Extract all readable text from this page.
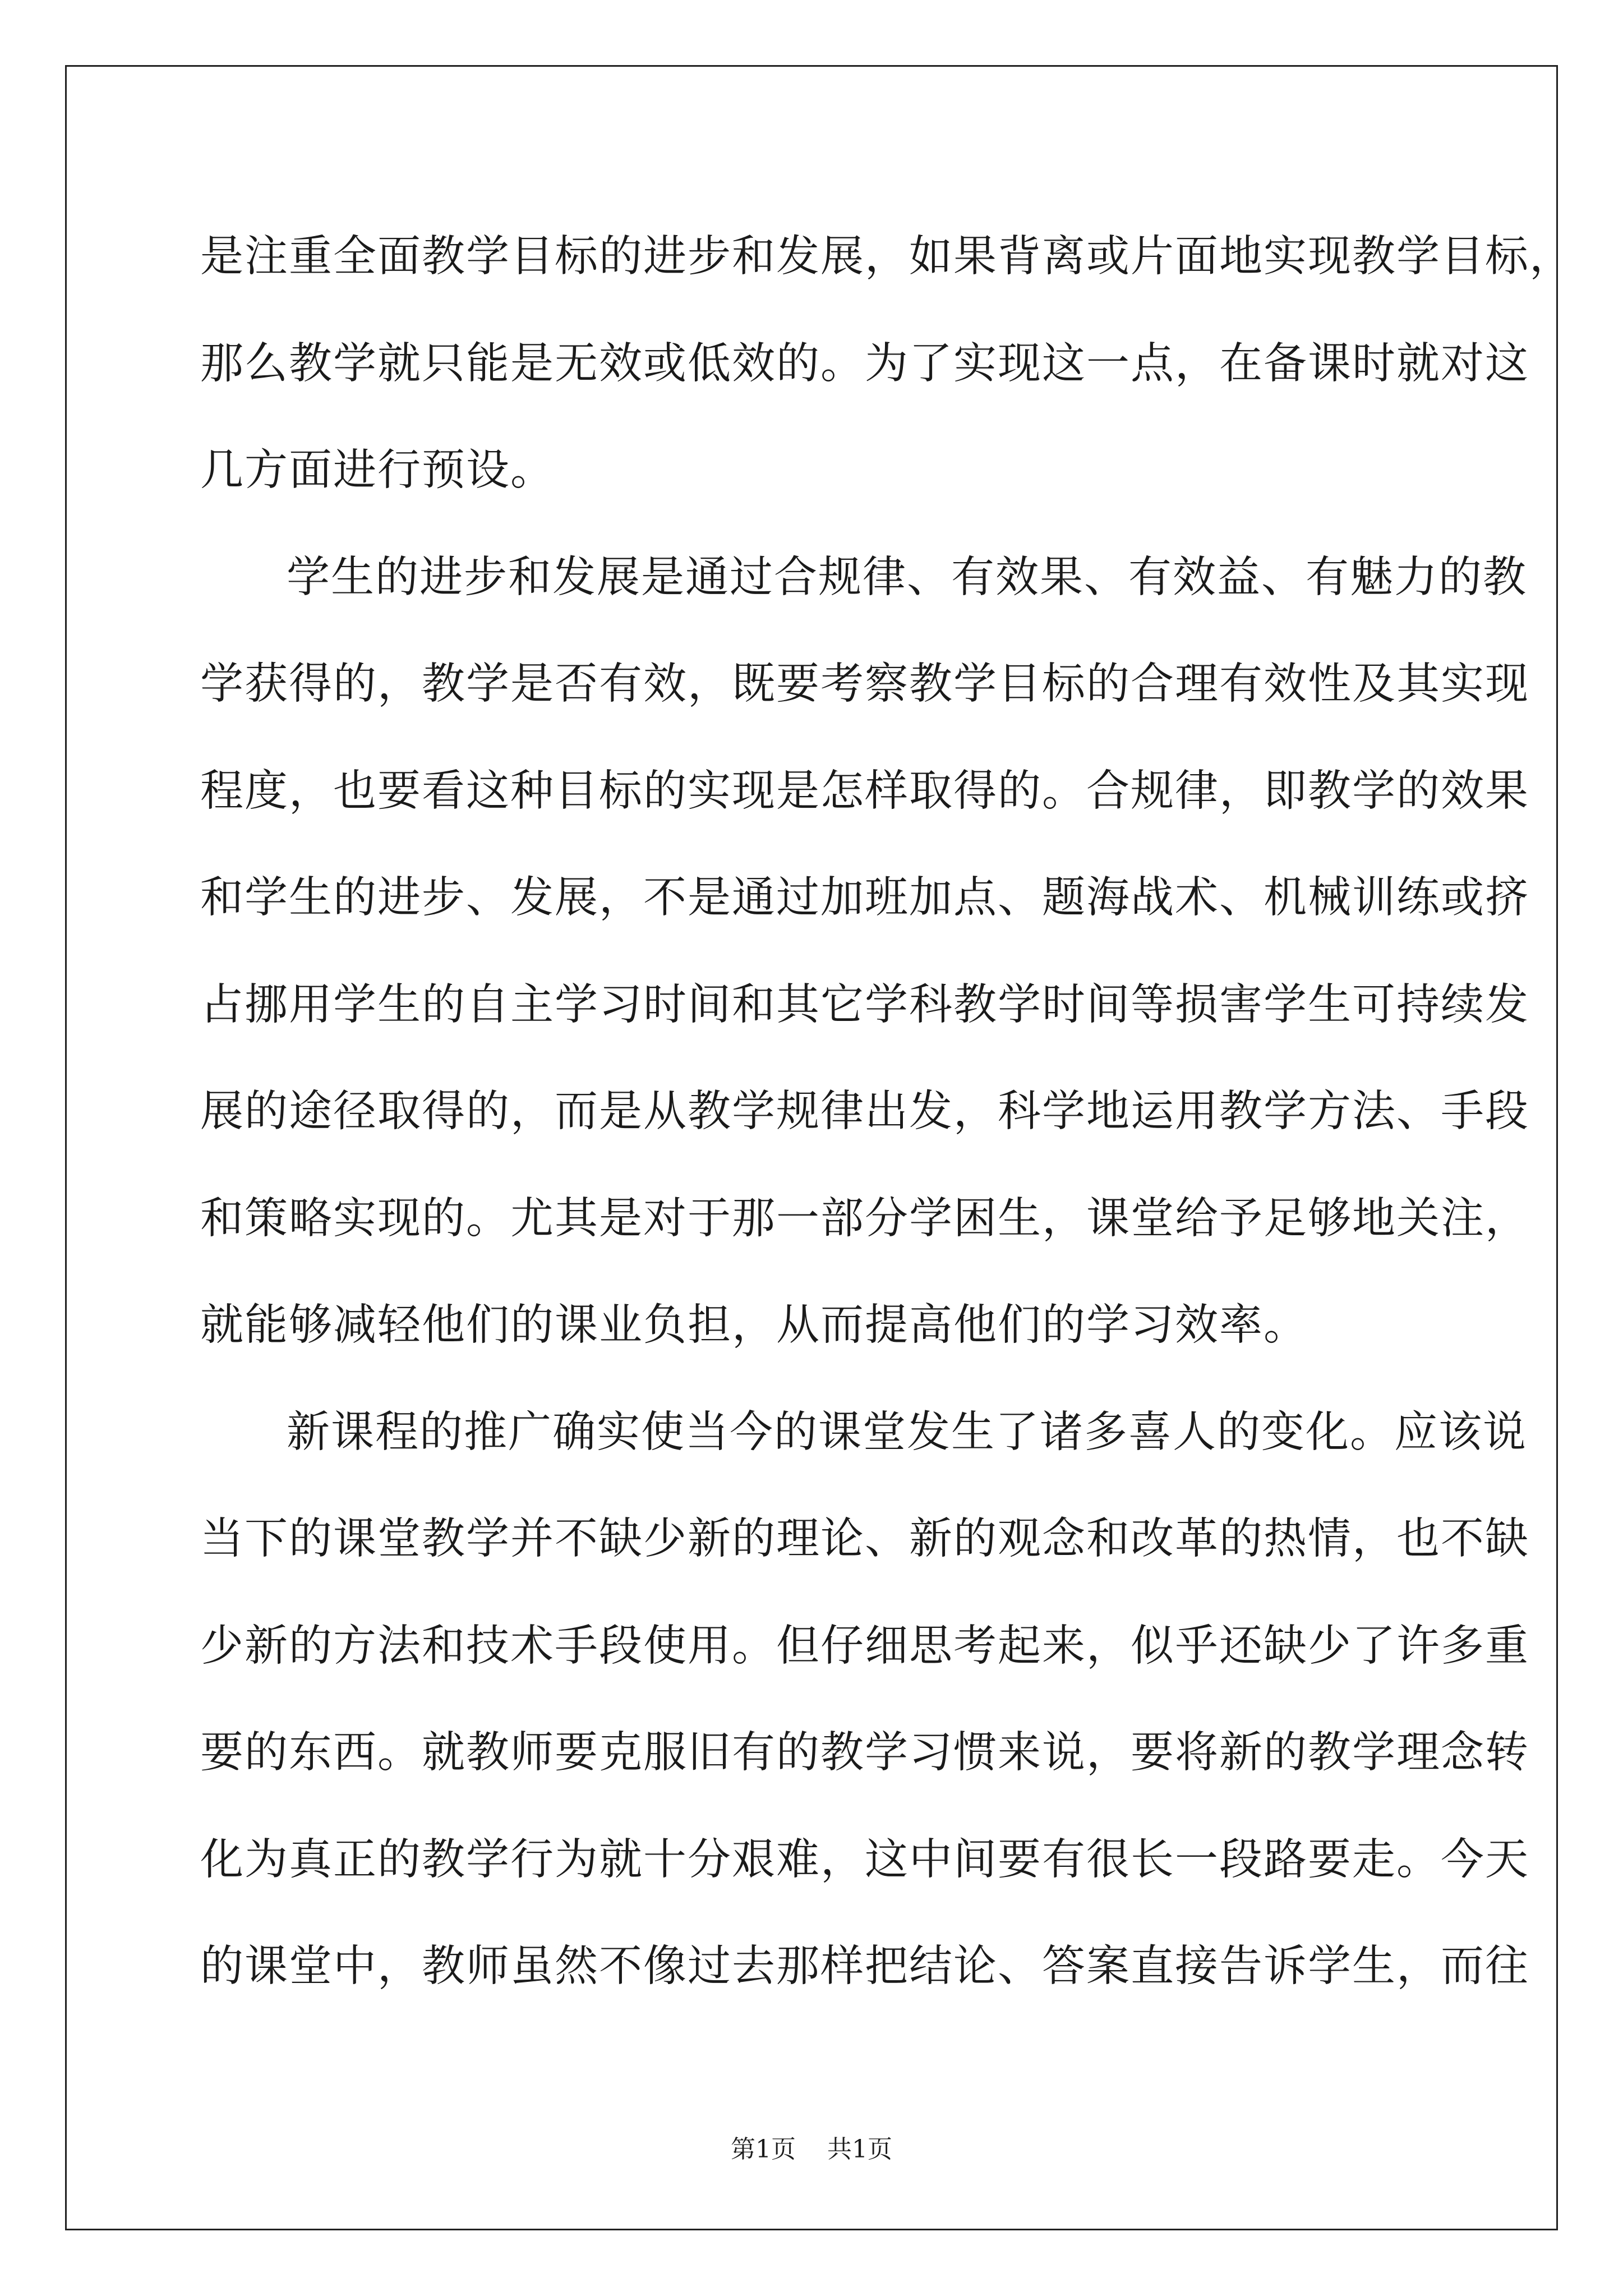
是注重全面教学目标的进步和发展，如果背离或片面地实现教学目标，
那么教学就只能是无效或低效的。为了实现这一点，在备课时就对这
几方面进行预设。
学生的进步和发展是通过合规律、有效果、有效益、有魅力的教
学获得的，教学是否有效，既要考察教学目标的合理有效性及其实现
程度，也要看这种目标的实现是怎样取得的。合规律，即教学的效果
和学生的进步、发展，不是通过加班加点、题海战术、机械训练或挤
占挪用学生的自主学习时间和其它学科教学时间等损害学生可持续发
展的途径取得的，而是从教学规律出发，科学地运用教学方法、手段
和策略实现的。尤其是对于那一部分学困生，课堂给予足够地关注，
就能够减轻他们的课业负担，从而提高他们的学习效率。
新课程的推广确实使当今的课堂发生了诸多喜人的变化。应该说
当下的课堂教学并不缺少新的理论、新的观念和改革的热情，也不缺
少新的方法和技术手段使用。但仔细思考起来，似乎还缺少了许多重
要的东西。就教师要克服旧有的教学习惯来说，要将新的教学理念转
化为真正的教学行为就十分艰难，这中间要有很长一段路要走。今天
的课堂中，教师虽然不像过去那样把结论、答案直接告诉学生，而往
第1页 共1页
